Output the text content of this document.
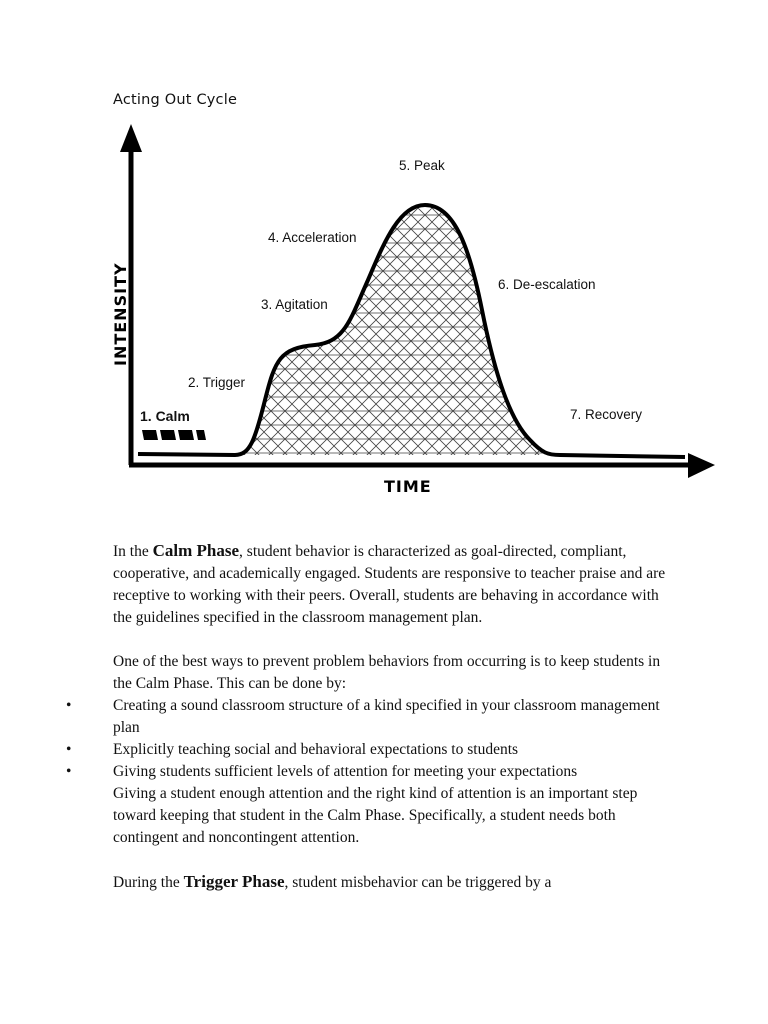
Acting Out Cycle
INTENSITY
TIME
1. Calm
2. Trigger
3. Agitation
4. Acceleration
5. Peak
6. De-escalation
7. Recovery

In the Calm Phase, student behavior is characterized as goal-directed, compliant, cooperative, and academically engaged. Students are responsive to teacher praise and are receptive to working with their peers. Overall, students are behaving in accordance with the guidelines specified in the classroom management plan.

One of the best ways to prevent problem behaviors from occurring is to keep students in the Calm Phase. This can be done by:

•	Creating a sound classroom structure of a kind specified in your classroom management plan
•	Explicitly teaching social and behavioral expectations to students
•	Giving students sufficient levels of attention for meeting your expectations

Giving a student enough attention and the right kind of attention is an important step toward keeping that student in the Calm Phase. Specifically, a student needs both contingent and noncontingent attention.

During the Trigger Phase, student misbehavior can be triggered by a
